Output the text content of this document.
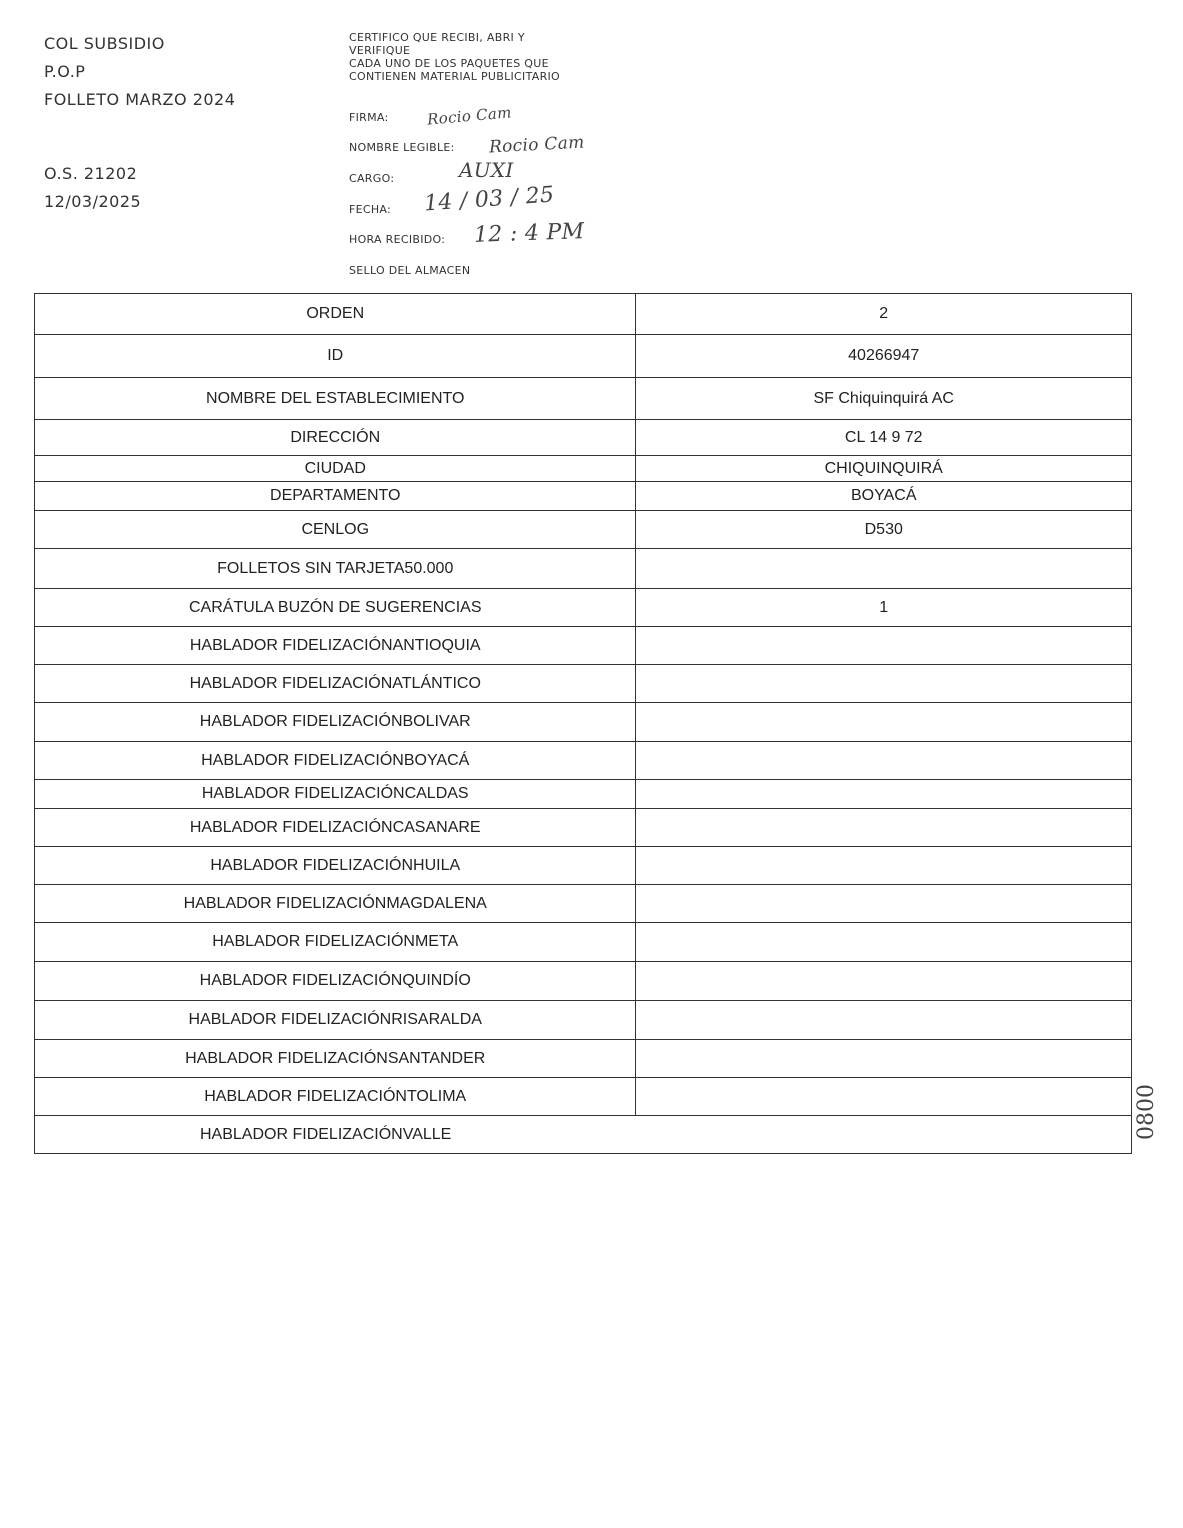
COL SUBSIDIO
P.O.P
FOLLETO MARZO 2024
O.S. 21202
12/03/2025
CERTIFICO QUE RECIBI, ABRI Y
VERIFIQUE
CADA UNO DE LOS PAQUETES QUE
CONTIENEN MATERIAL PUBLICITARIO
FIRMA:	Rocio Cam
NOMBRE LEGIBLE: Rocio Cam
CARGO:	AUXI
FECHA: 14 / 03 / 25
HORA RECIBIDO: 12 : 4 PM
SELLO DEL ALMACEN
ORDEN	2
ID	40266947
NOMBRE DEL ESTABLECIMIENTO	SF Chiquinquirá AC
DIRECCIÓN	CL 14 9 72
CIUDAD	CHIQUINQUIRÁ
DEPARTAMENTO	BOYACÁ
CENLOG	D530
FOLLETOS SIN TARJETA50.000	
CARÁTULA BUZÓN DE SUGERENCIAS	1
HABLADOR FIDELIZACIÓNANTIOQUIA	
HABLADOR FIDELIZACIÓNATLÁNTICO	
HABLADOR FIDELIZACIÓNBOLIVAR	
HABLADOR FIDELIZACIÓNBOYACÁ	
HABLADOR FIDELIZACIÓNCALDAS	
HABLADOR FIDELIZACIÓNCASANARE	
HABLADOR FIDELIZACIÓNHUILA	
HABLADOR FIDELIZACIÓNMAGDALENA	
HABLADOR FIDELIZACIÓNMETA	
HABLADOR FIDELIZACIÓNQUINDÍO	
HABLADOR FIDELIZACIÓNRISARALDA	
HABLADOR FIDELIZACIÓNSANTANDER	
HABLADOR FIDELIZACIÓNTOLIMA	
HABLADOR FIDELIZACIÓNVALLE		0800
